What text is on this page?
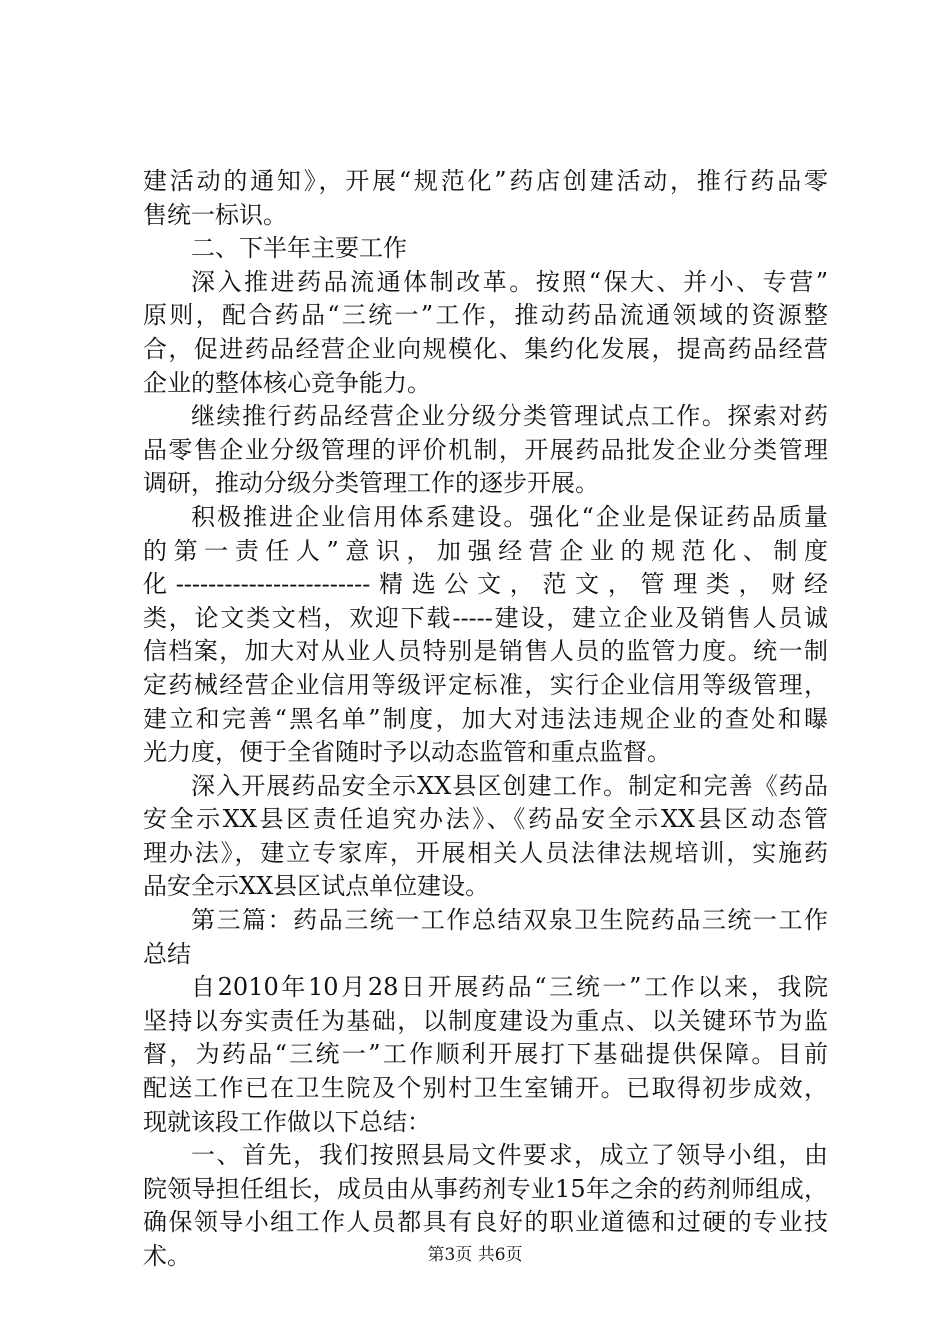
建活动的通知》，开展“规范化”药店创建活动，推行药品零
售统一标识。
二、下半年主要工作
深入推进药品流通体制改革。按照“保大、并小、专营”
原则，配合药品“三统一”工作，推动药品流通领域的资源整
合，促进药品经营企业向规模化、集约化发展，提高药品经营
企业的整体核心竞争能力。
继续推行药品经营企业分级分类管理试点工作。探索对药
品零售企业分级管理的评价机制，开展药品批发企业分类管理
调研，推动分级分类管理工作的逐步开展。
积极推进企业信用体系建设。强化“企业是保证药品质量
的第一责任人”意识，加强经营企业的规范化、制度
化------------------------精选公文，范文，管理类，财经
类，论文类文档，欢迎下载-----建设，建立企业及销售人员诚
信档案，加大对从业人员特别是销售人员的监管力度。统一制
定药械经营企业信用等级评定标准，实行企业信用等级管理，
建立和完善“黑名单”制度，加大对违法违规企业的查处和曝
光力度，便于全省随时予以动态监管和重点监督。
深入开展药品安全示XX县区创建工作。制定和完善《药品
安全示XX县区责任追究办法》、《药品安全示XX县区动态管
理办法》，建立专家库，开展相关人员法律法规培训，实施药
品安全示XX县区试点单位建设。
第三篇：药品三统一工作总结双泉卫生院药品三统一工作
总结
自2010年10月28日开展药品“三统一”工作以来，我院
坚持以夯实责任为基础，以制度建设为重点、以关键环节为监
督，为药品“三统一”工作顺利开展打下基础提供保障。目前
配送工作已在卫生院及个别村卫生室铺开。已取得初步成效，
现就该段工作做以下总结：
一、首先，我们按照县局文件要求，成立了领导小组，由
院领导担任组长，成员由从事药剂专业15年之余的药剂师组成，
确保领导小组工作人员都具有良好的职业道德和过硬的专业技
术。	第3页 共6页
